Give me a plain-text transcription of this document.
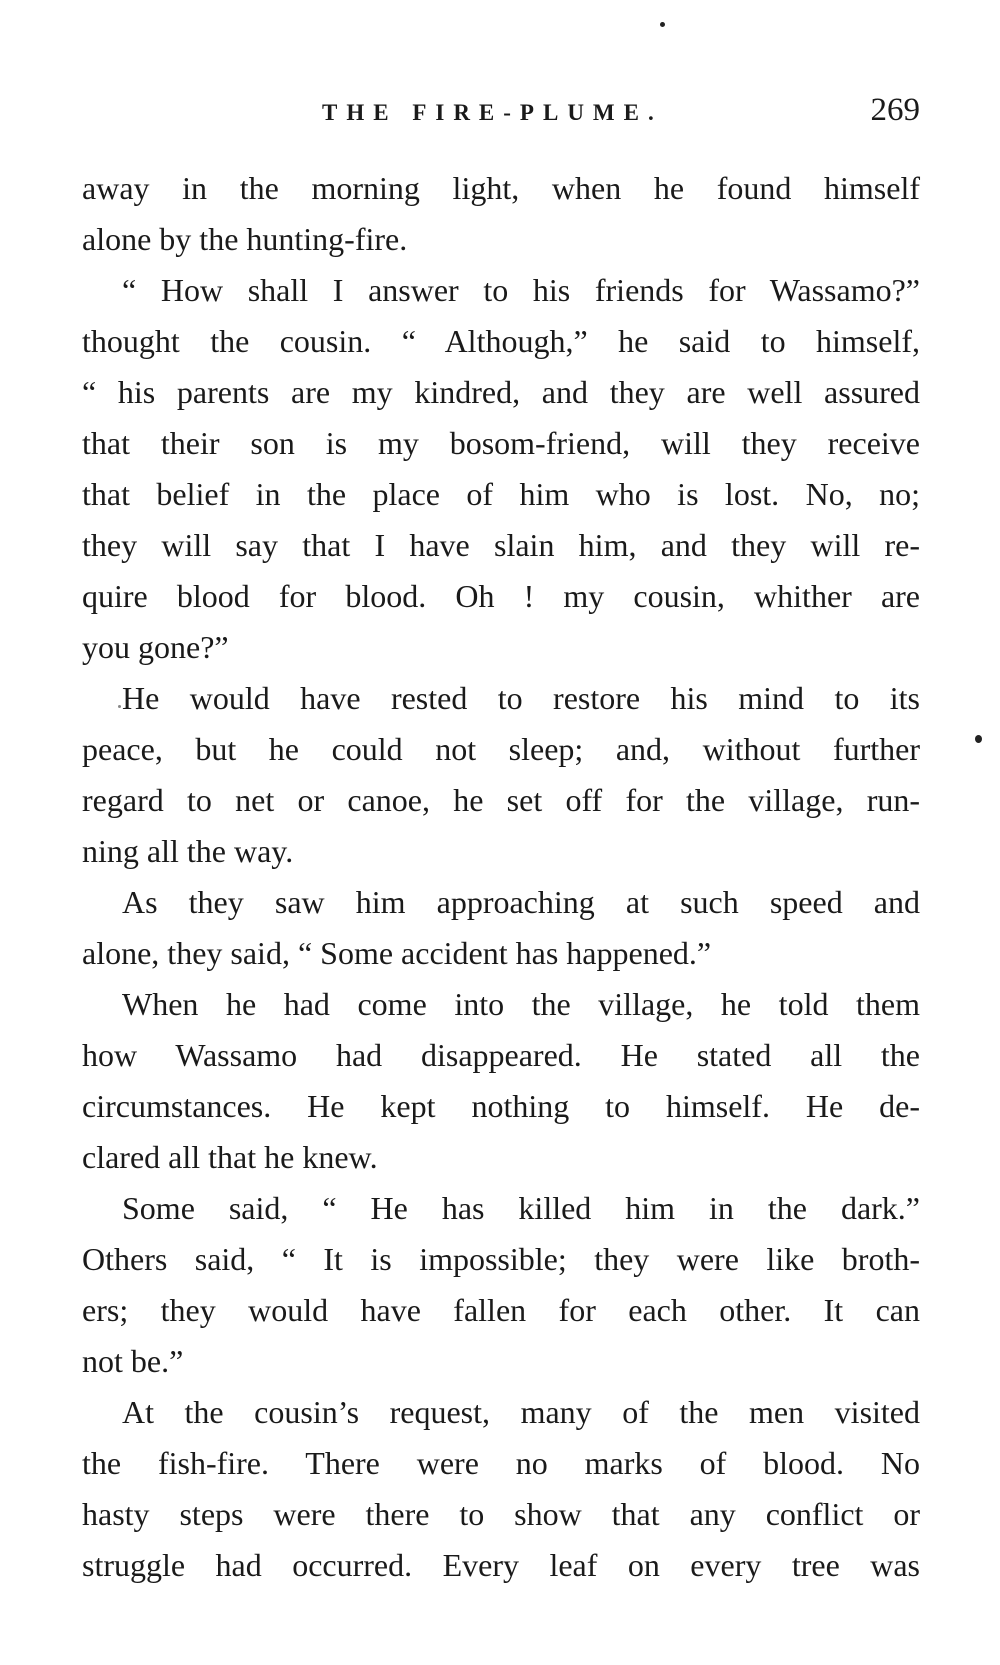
THE FIRE-PLUME.	269
away in the morning light, when he found himself
alone by the hunting-fire.
“ How shall I answer to his friends for Wassamo?”
thought the cousin. “ Although,” he said to himself,
“ his parents are my kindred, and they are well assured
that their son is my bosom-friend, will they receive
that belief in the place of him who is lost. No, no;
they will say that I have slain him, and they will re-
quire blood for blood. Oh ! my cousin, whither are
you gone?”
He would have rested to restore his mind to its
peace, but he could not sleep; and, without further
regard to net or canoe, he set off for the village, run-
ning all the way.
As they saw him approaching at such speed and
alone, they said, “ Some accident has happened.”
When he had come into the village, he told them
how Wassamo had disappeared. He stated all the
circumstances. He kept nothing to himself. He de-
clared all that he knew.
Some said, “ He has killed him in the dark.”
Others said, “ It is impossible; they were like broth-
ers; they would have fallen for each other. It can
not be.”
At the cousin’s request, many of the men visited
the fish-fire. There were no marks of blood. No
hasty steps were there to show that any conflict or
struggle had occurred. Every leaf on every tree was
